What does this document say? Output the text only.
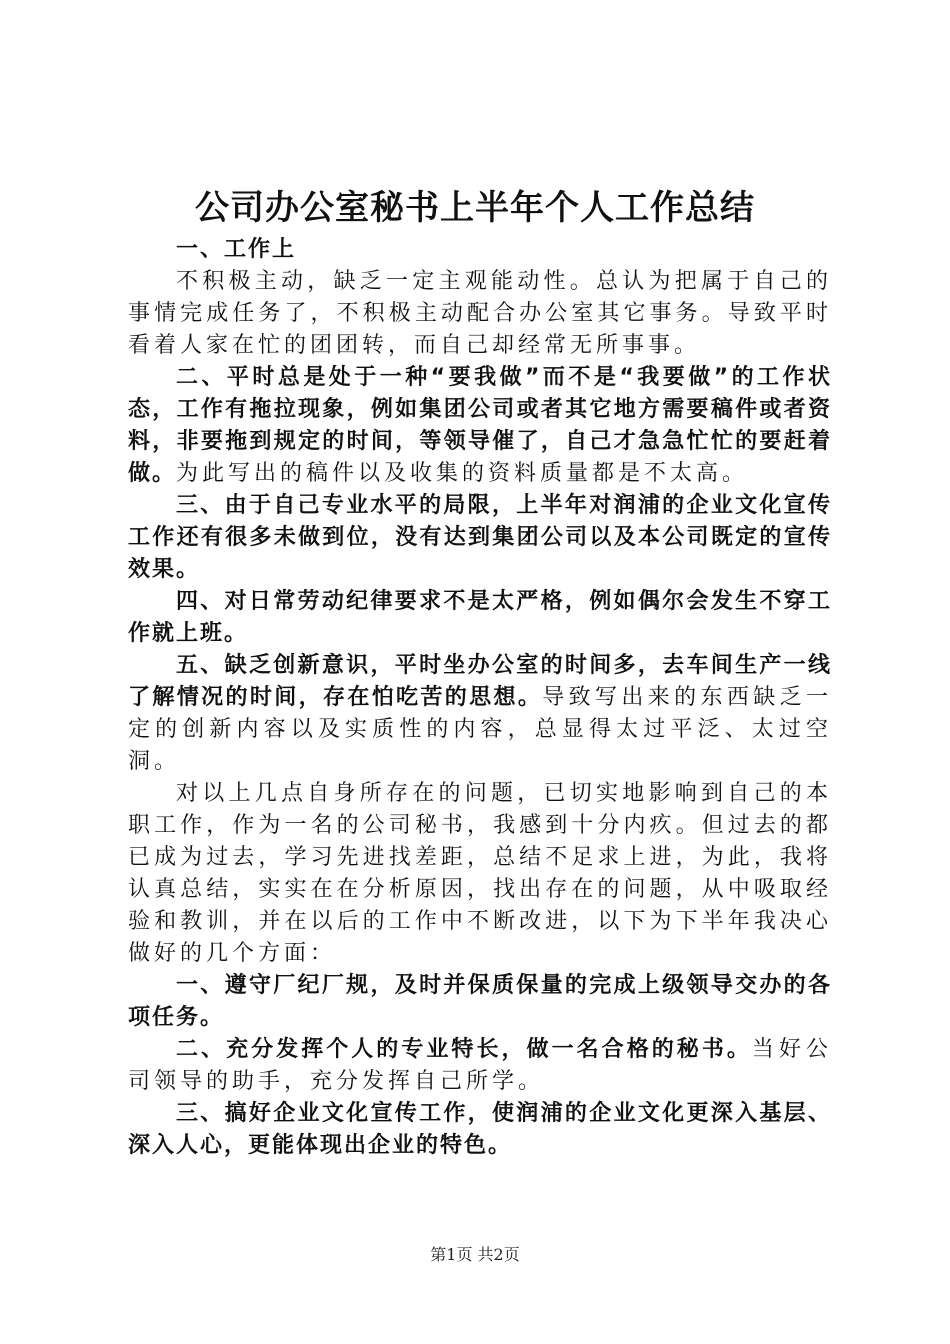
公司办公室秘书上半年个人工作总结

一、工作上

不积极主动，缺乏一定主观能动性。总认为把属于自己的事情完成任务了，不积极主动配合办公室其它事务。导致平时看着人家在忙的团团转，而自己却经常无所事事。

二、平时总是处于一种“要我做”而不是“我要做”的工作状态，工作有拖拉现象，例如集团公司或者其它地方需要稿件或者资料，非要拖到规定的时间，等领导催了，自己才急急忙忙的要赶着做。为此写出的稿件以及收集的资料质量都是不太高。

三、由于自己专业水平的局限，上半年对润浦的企业文化宣传工作还有很多未做到位，没有达到集团公司以及本公司既定的宣传效果。

四、对日常劳动纪律要求不是太严格，例如偶尔会发生不穿工作就上班。

五、缺乏创新意识，平时坐办公室的时间多，去车间生产一线了解情况的时间，存在怕吃苦的思想。导致写出来的东西缺乏一定的创新内容以及实质性的内容，总显得太过平泛、太过空洞。

对以上几点自身所存在的问题，已切实地影响到自己的本职工作，作为一名的公司秘书，我感到十分内疚。但过去的都已成为过去，学习先进找差距，总结不足求上进，为此，我将认真总结，实实在在分析原因，找出存在的问题，从中吸取经验和教训，并在以后的工作中不断改进，以下为下半年我决心做好的几个方面：

一、遵守厂纪厂规，及时并保质保量的完成上级领导交办的各项任务。

二、充分发挥个人的专业特长，做一名合格的秘书。当好公司领导的助手，充分发挥自己所学。

三、搞好企业文化宣传工作，使润浦的企业文化更深入基层、深入人心，更能体现出企业的特色。

第1页 共2页
